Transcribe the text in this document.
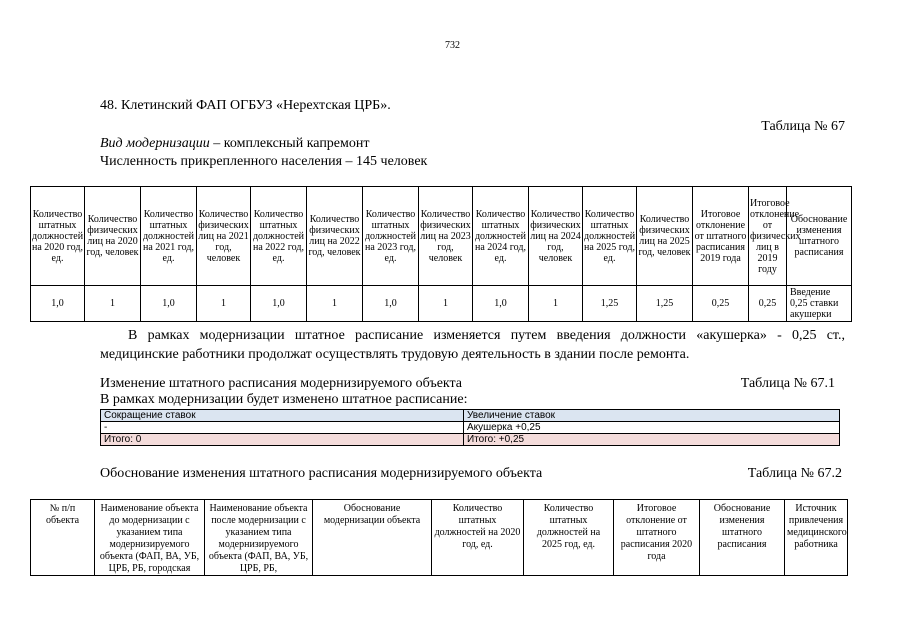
732
48. Клетинский ФАП ОГБУЗ «Нерехтская ЦРБ».
Таблица № 67
Вид модернизации – комплексный капремонт
Численность прикрепленного населения – 145 человек
Количество штатных должностей на 2020 год, ед.	Количество физических лиц на 2020 год, человек	Количество штатных должностей на 2021 год, ед.	Количество физических лиц на 2021 год, человек	Количество штатных должностей на 2022 год, ед.	Количество физических лиц на 2022 год, человек	Количество штатных должностей на 2023 год, ед.	Количество физических лиц на 2023 год, человек	Количество штатных должностей на 2024 год, ед.	Количество физических лиц на 2024 год, человек	Количество штатных должностей на 2025 год, ед.	Количество физических лиц на 2025 год, человек	Итоговое отклонение от штатного расписания 2019 года	Итоговое отклонение от физических лиц в 2019 году	Обоснование изменения штатного расписания
1,0	1	1,0	1	1,0	1	1,0	1	1,0	1	1,25	1,25	0,25	0,25	Введение 0,25 ставки акушерки
В рамках модернизации штатное расписание изменяется путем введения должности «акушерка» - 0,25 ст., медицинские работники продолжат осуществлять трудовую деятельность в здании после ремонта.
Изменение штатного расписания модернизируемого объекта	Таблица № 67.1
В рамках модернизации будет изменено штатное расписание:
Сокращение ставок	Увеличение ставок
-	Акушерка +0,25
Итого: 0	Итого: +0,25
Обоснование изменения штатного расписания модернизируемого объекта	Таблица № 67.2
№ п/п объекта	Наименование объекта до модернизации с указанием типа модернизируемого объекта (ФАП, ВА, УБ, ЦРБ, РБ, городская	Наименование объекта после модернизации с указанием типа модернизируемого объекта (ФАП, ВА, УБ, ЦРБ, РБ,	Обоснование модернизации объекта	Количество штатных должностей на 2020 год, ед.	Количество штатных должностей на 2025 год, ед.	Итоговое отклонение от штатного расписания 2020 года	Обоснование изменения штатного расписания	Источник привлечения медицинского работника
